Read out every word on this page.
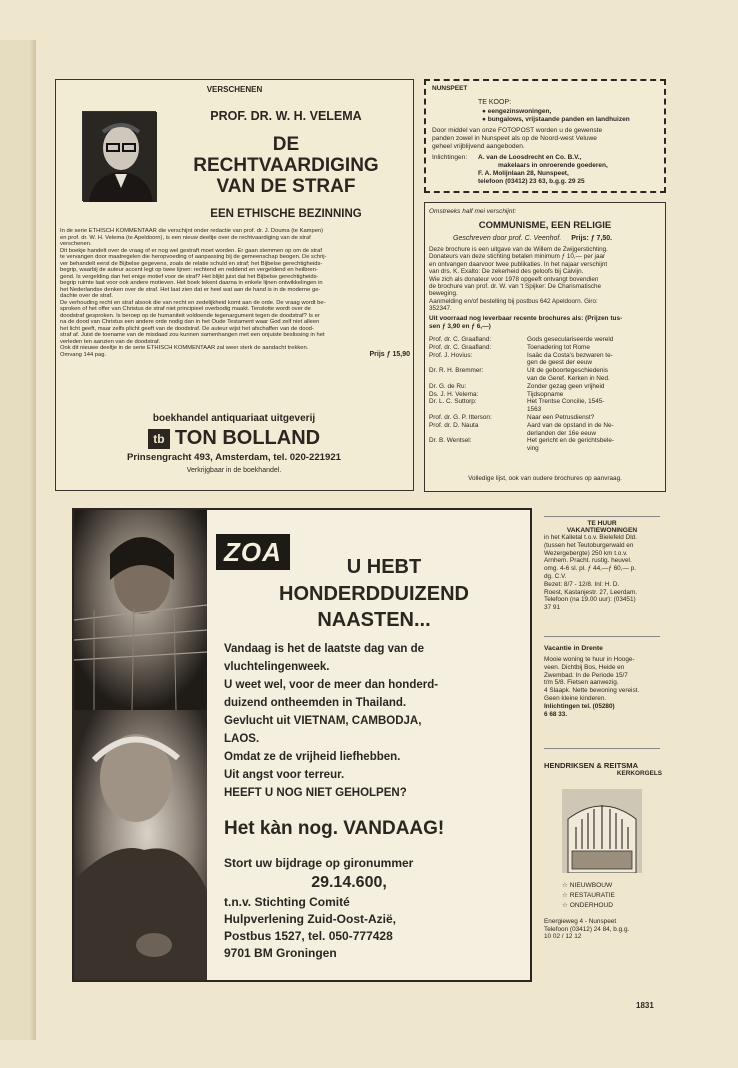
VERSCHENEN
PROF. DR. W. H. VELEMA
DE
RECHTVAARDIGING
VAN DE STRAF
EEN ETHISCHE BEZINNING
In de serie ETHISCH KOMMENTAAR die verschijnt onder redactie van prof. dr. J. Douma (te Kampen)
en prof. dr. W. H. Velema (te Apeldoorn), is een nieuw deeltje over de rechtvaardiging van de straf
verschenen.
Dit boekje handelt over de vraag of er nog wel gestraft moet worden. Er gaan stemmen op om de straf
te vervangen door maatregelen die heropvoeding of aanpassing bij de gemeenschap beogen. De schrij-
ver behandelt eerst de Bijbelse gegevens, zoals de relatie schuld en straf; het Bijbelse gerechtigheids-
begrip, waarbij de auteur accent legt op twee lijnen: rechtend en reddend en vergeldend en heilbren-
gend. Is vergelding dan het enige motief voor de straf? Het blijkt juist dat het Bijbelse gerechtigheids-
begrip ruimte laat voor ook andere motieven. Het boek tekent daarna in enkele lijnen ontwikkelingen in
het Nederlandse denken over de straf. Het laat zien dat er heel wat aan de hand is in de moderne ge-
dachte over de straf.
De verhouding recht en straf alsook die van recht en zedelijkheid komt aan de orde. De vraag wordt be-
sproken of het offer van Christus de straf niet principieel overbodig maakt. Tenslotte wordt over de
doodstraf gesproken. Is beroep op de humaniteit voldoende tegenargument tegen de doodstraf? Is er
na de dood van Christus een andere orde nodig dan in het Oude Testament waar God zelf niet alleen
het licht geeft, maar zelfs plicht geeft van de doodstraf. De auteur wijst het afschaffen van de dood-
straf af. Juist de toename van de misdaad zou kunnen samenhangen met een onjuiste beslissing in het
verleden ten aanzien van de doodstraf.
Ook dit nieuwe deeltje in de serie ETHISCH KOMMENTAAR zal weer sterk de aandacht trekken.
Omvang 144 pag.	Prijs ƒ 15,90
boekhandel antiquariaat uitgeverij
tb TON BOLLAND
Prinsengracht 493, Amsterdam, tel. 020-221921
Verkrijgbaar in de boekhandel.
NUNSPEET
TE KOOP:
● eengezinswoningen,
● bungalows, vrijstaande panden en landhuizen
Door middel van onze FOTOPOST worden u de gewenste
panden zowel in Nunspeet als op de Noord-west Veluwe
geheel vrijblijvend aangeboden.
Inlichtingen: A. van de Loosdrecht en Co. B.V.,
makelaars in onroerende goederen,
F. A. Molijnlaan 28, Nunspeet,
telefoon (03412) 23 63, b.g.g. 29 25
Omstreeks half mei verschijnt:
COMMUNISME, EEN RELIGIE
Geschreven door prof. C. Veenhof. Prijs: ƒ 7,50.
Deze brochure is een uitgave van de Willem de Zwijgerstichting.
Donateurs van deze stichting betalen minimum ƒ 10,— per jaar
en ontvangen daarvoor twee publikaties. In het najaar verschijnt
van drs. K. Exalto: De zekerheid des geloofs bij Calvijn.
Wie zich als donateur voor 1978 opgeeft ontvangt bovendien
de brochure van prof. dr. W. van 't Spijker: De Charismatische
beweging.
Aanmelding en/of bestelling bij postbus 642 Apeldoorn. Giro:
352347.
Uit voorraad nog leverbaar recente brochures als: (Prijzen tus-
sen ƒ 3,90 en ƒ 6,—)
Prof. dr. C. Graafland:	Gods geseculariseerde wereld
Prof. dr. C. Graafland:	Toenadering tot Rome
Prof. J. Hovius:	Isaäc da Costa's bezwaren te-
gen de geest der eeuw
Dr. R. H. Bremmer:	Uit de geboortegeschiedenis
van de Geref. Kerken in Ned.
Dr. G. de Ru:	Zonder gezag geen vrijheid
Ds. J. H. Velema:	Tijdsopname
Dr. L. C. Suttorp:	Het Trentse Concilie, 1545-
1563
Prof. dr. G. P. Itterson:	Naar een Petrusdienst?
Prof. dr. D. Nauta	Aard van de opstand in de Ne-
derlanden der 16e eeuw
Dr. B. Wentsel:	Het gericht en de gerichtsbele-
ving
Volledige lijst, ook van oudere brochures op aanvraag.
ZOA	U HEBT
HONDERDDUIZEND
NAASTEN...
Vandaag is het de laatste dag van de
vluchtelingenweek.
U weet wel, voor de meer dan honderd-
duizend ontheemden in Thailand.
Gevlucht uit VIETNAM, CAMBODJA,
LAOS.
Omdat ze de vrijheid liefhebben.
Uit angst voor terreur.
HEEFT U NOG NIET GEHOLPEN?
Het kàn nog. VANDAAG!
Stort uw bijdrage op gironummer
29.14.600,
t.n.v. Stichting Comité
Hulpverlening Zuid-Oost-Azië,
Postbus 1527, tel. 050-777428
9701 BM Groningen
TE HUUR
VAKANTIEWONINGEN
in het Kalletal t.o.v. Bielefeld Dld.
(tussen het Teutoburgerwald en
Wezergebergte) 250 km t.o.v.
Arnhem. Pracht. rustig. heuvel.
omg. 4-6 sl. pl. ƒ 44,—ƒ 60,— p.
dg. C.V.
Bezet: 8/7 - 12/8. Inl: H. D.
Roest, Kastanjestr. 27, Leerdam.
Telefoon (na 19.00 uur): (03451)
37 91
Vacantie in Drente
Mooie woning te huur in Hooge-
veen. Dichtbij Bos, Heide en
Zwembad. In de Periode 15/7
t/m 5/8. Fietsen aanwezig.
4 Slaapk. Nette bewoning vereist.
Geen kleine kinderen.
Inlichtingen tel. (05280)
6 68 33.
HENDRIKSEN & REITSMA
KERKORGELS
☆ NIEUWBOUW
☆ RESTAURATIE
☆ ONDERHOUD
Energieweg 4 - Nunspeet
Telefoon (03412) 24 84, b.g.g.
10 02 / 12 12
1831
